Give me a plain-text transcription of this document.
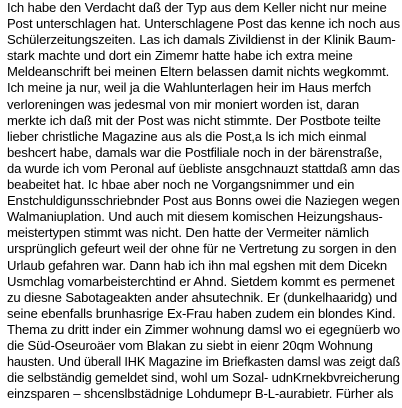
Ich habe den Verdacht daß der Typ aus dem Keller nicht nur meine
Post unterschlagen hat. Unterschlagene Post das kenne ich noch aus
Schülerzeitungszeiten. Las ich damals Zivildienst in der Klinik Baum-
stark machte und dort ein Zimemr hatte habe ich extra meine
Meldeanschrift bei meinen Eltern belassen damit nichts wegkommt.
Ich meine ja nur, weil ja die Wahlunterlagen heir im Haus merfch
verloreningen was jedesmal von mir moniert worden ist, daran
merkte ich daß mit der Post was nicht stimmte. Der Postbote teilte
lieber christliche Magazine aus als die Post,a ls ich mich einmal
beshcert habe, damals war die Postfiliale noch in der bärenstraße,
da wurde ich vom Peronal auf üebliste ansgchnauzt stattdaß amn das
beabeitet hat. Ic hbae aber noch ne Vorgangsnimmer und ein
Enstchuldigunsschriebnder Post aus Bonns owei die Naziegen wegen
Walmaniuplation. Und auch mit diesem komischen Heizungshaus-
meistertypen stimmt was nicht. Den hatte der Vermeiter nämlich
ursprünglich gefeurt weil der ohne für ne Vertretung zu sorgen in den
Urlaub gefahren war. Dann hab ich ihn mal egshen mit dem Dicekn
Usmchlag vomarbeisterchtind er Ahnd. Sietdem kommt es permenet
zu diesne Sabotageakten ander ahsutechnik. Er (dunkelhaaridg) und
seine ebenfalls brunhasrige Ex-Frau haben zudem ein blondes Kind.
Thema zu dritt inder ein Zimmer wohnung damsl wo ei egegnüerb wo
die Süd-Oseuroäer vom Blakan zu siebt in eienr 20qm Wohnung
hausten. Und überall IHK Magazine im Briefkasten damsl was zeigt daß
die selbständig gemeldet sind, wohl um Sozal- udnKrnekbvreicherung
einzsparen – shcenslbstädnige Lohdumepr B-L-aurabietr. Fürher als
